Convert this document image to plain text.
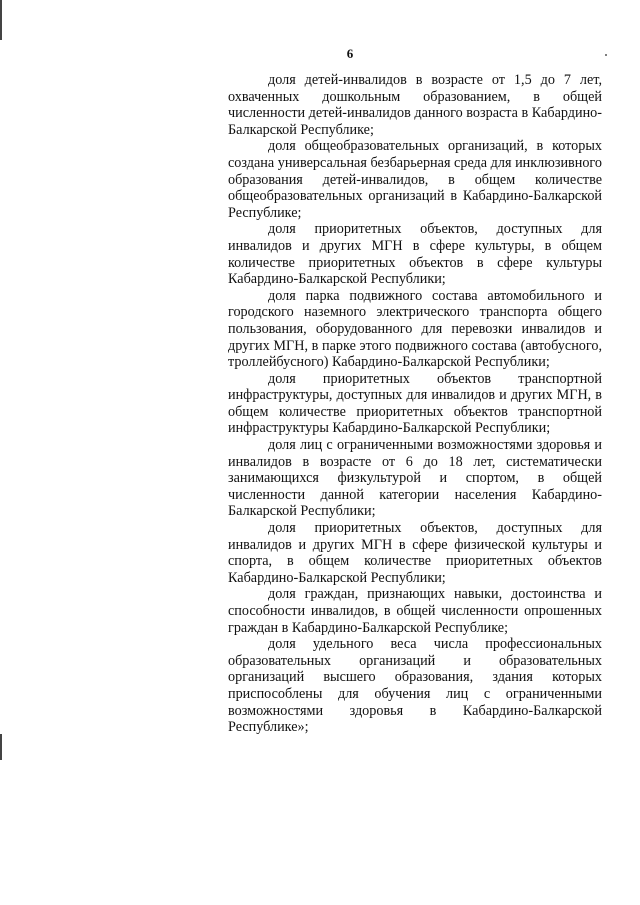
6

доля детей-инвалидов в возрасте от 1,5 до 7 лет, охваченных дошкольным образованием, в общей численности детей-инвалидов данного возраста в Кабардино-Балкарской Республике;

доля общеобразовательных организаций, в которых создана универсальная безбарьерная среда для инклюзивного образования детей-инвалидов, в общем количестве общеобразовательных организаций в Кабардино-Балкарской Республике;

доля приоритетных объектов, доступных для инвалидов и других МГН в сфере культуры, в общем количестве приоритетных объектов в сфере культуры Кабардино-Балкарской Республики;

доля парка подвижного состава автомобильного и городского наземного электрического транспорта общего пользования, оборудованного для перевозки инвалидов и других МГН, в парке этого подвижного состава (автобусного, троллейбусного) Кабардино-Балкарской Республики;

доля приоритетных объектов транспортной инфраструктуры, доступных для инвалидов и других МГН, в общем количестве приоритетных объектов транспортной инфраструктуры Кабардино-Балкарской Республики;

доля лиц с ограниченными возможностями здоровья и инвалидов в возрасте от 6 до 18 лет, систематически занимающихся физкультурой и спортом, в общей численности данной категории населения Кабардино-Балкарской Республики;

доля приоритетных объектов, доступных для инвалидов и других МГН в сфере физической культуры и спорта, в общем количестве приоритетных объектов Кабардино-Балкарской Республики;

доля граждан, признающих навыки, достоинства и способности инвалидов, в общей численности опрошенных граждан в Кабардино-Балкарской Республике;

доля удельного веса числа профессиональных образовательных организаций и образовательных организаций высшего образования, здания которых приспособлены для обучения лиц с ограниченными возможностями здоровья в Кабардино-Балкарской Республике»;
